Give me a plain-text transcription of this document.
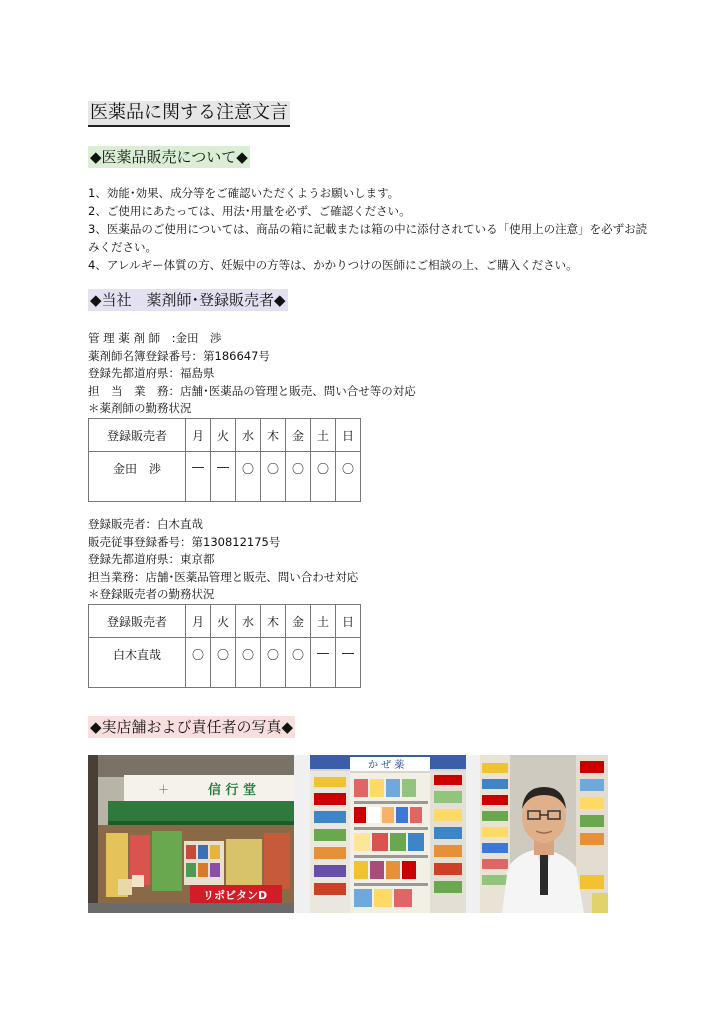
医薬品に関する注意文言
◆医薬品販売について◆

1、効能･効果、成分等をご確認いただくようお願いします。

2、ご使用にあたっては、用法･用量を必ず、ご確認ください。

3、医薬品のご使用については、商品の箱に記載または箱の中に添付されている「使用上の注意」を必ずお読みください。

4、アレルギー体質の方、妊娠中の方等は、かかりつけの医師にご相談の上、ご購入ください。

◆当社　薬剤師･登録販売者◆

管 理 薬 剤 師　:金田　渉

薬剤師名簿登録番号：第186647号

登録先都道府県：福島県

担　当　業　務：店舗･医薬品の管理と販売、問い合せ等の対応

＊薬剤師の勤務状況

登録販売者	月	火	水	木	金	土	日
金田　渉	―	―	〇	〇	〇	〇	〇

登録販売者：白木直哉

販売従事登録番号：第130812175号

登録先都道府県：東京都

担当業務：店舗･医薬品管理と販売、問い合わせ対応

＊登録販売者の勤務状況

登録販売者	月	火	水	木	金	土	日
白木直哉	〇	〇	〇	〇	〇	―	―
◆実店舗および責任者の写真◆
＋	信 行 堂
リポビタンD
か ぜ 薬
